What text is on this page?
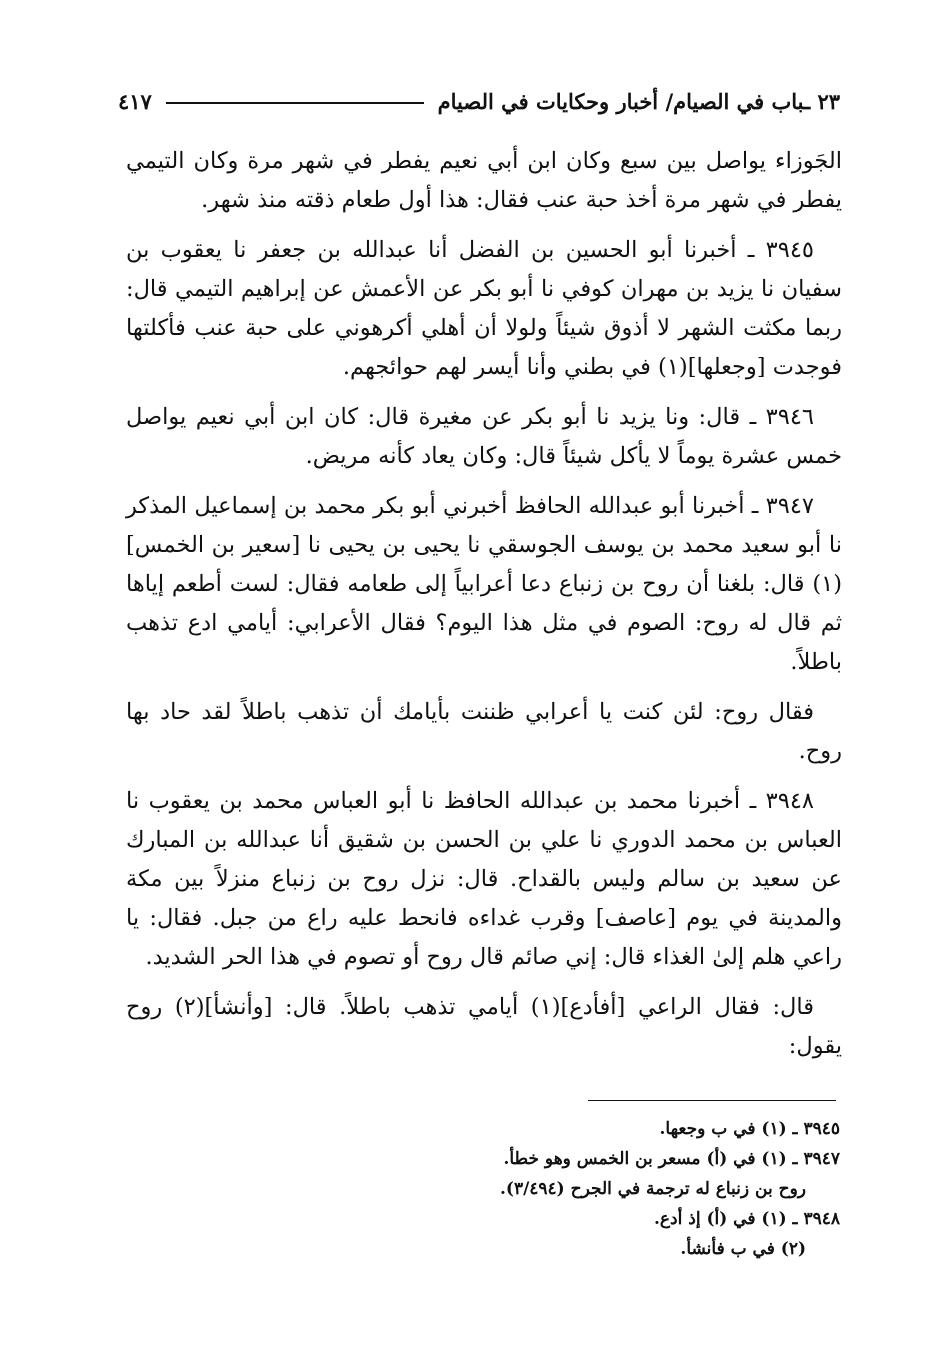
٢٣ ـباب في الصيام/ أخبار وحكايات في الصيام
٤١٧

الجَوزاء يواصل بين سبع وكان ابن أبي نعيم يفطر في شهر مرة وكان التيمي يفطر في شهر مرة أخذ حبة عنب فقال: هذا أول طعام ذقته منذ شهر.

٣٩٤٥ ـ أخبرنا أبو الحسين بن الفضل أنا عبدالله بن جعفر نا يعقوب بن سفيان نا يزيد بن مهران كوفي نا أبو بكر عن الأعمش عن إبراهيم التيمي قال: ربما مكثت الشهر لا أذوق شيئاً ولولا أن أهلي أكرهوني على حبة عنب فأكلتها فوجدت [وجعلها](١) في بطني وأنا أيسر لهم حوائجهم.

٣٩٤٦ ـ قال: ونا يزيد نا أبو بكر عن مغيرة قال: كان ابن أبي نعيم يواصل خمس عشرة يوماً لا يأكل شيئاً قال: وكان يعاد كأنه مريض.

٣٩٤٧ ـ أخبرنا أبو عبدالله الحافظ أخبرني أبو بكر محمد بن إسماعيل المذكر نا أبو سعيد محمد بن يوسف الجوسقي نا يحيى بن يحيى نا [سعير بن الخمس](١) قال: بلغنا أن روح بن زنباع دعا أعرابياً إلى طعامه فقال: لست أطعم إياها ثم قال له روح: الصوم في مثل هذا اليوم؟ فقال الأعرابي: أيامي ادع تذهب باطلاً.

فقال روح: لئن كنت يا أعرابي ظننت بأيامك أن تذهب باطلاً لقد حاد بها روح.

٣٩٤٨ ـ أخبرنا محمد بن عبدالله الحافظ نا أبو العباس محمد بن يعقوب نا العباس بن محمد الدوري نا علي بن الحسن بن شقيق أنا عبدالله بن المبارك عن سعيد بن سالم وليس بالقداح. قال: نزل روح بن زنباع منزلاً بين مكة والمدينة في يوم [عاصف] وقرب غداءه فانحط عليه راع من جبل. فقال: يا راعي هلم إلىٰ الغذاء قال: إني صائم قال روح أو تصوم في هذا الحر الشديد.

قال: فقال الراعي [أفأدع](١) أيامي تذهب باطلاً. قال: [وأنشأ](٢) روح يقول:

٣٩٤٥ ـ (١) في ب وجعها.

٣٩٤٧ ـ (١) في (أ) مسعر بن الخمس وهو خطأ.

روح بن زنباع له ترجمة في الجرح (٣/٤٩٤).

٣٩٤٨ ـ (١) في (أ) إذ أدع.

(٢) في ب فأنشأ.
